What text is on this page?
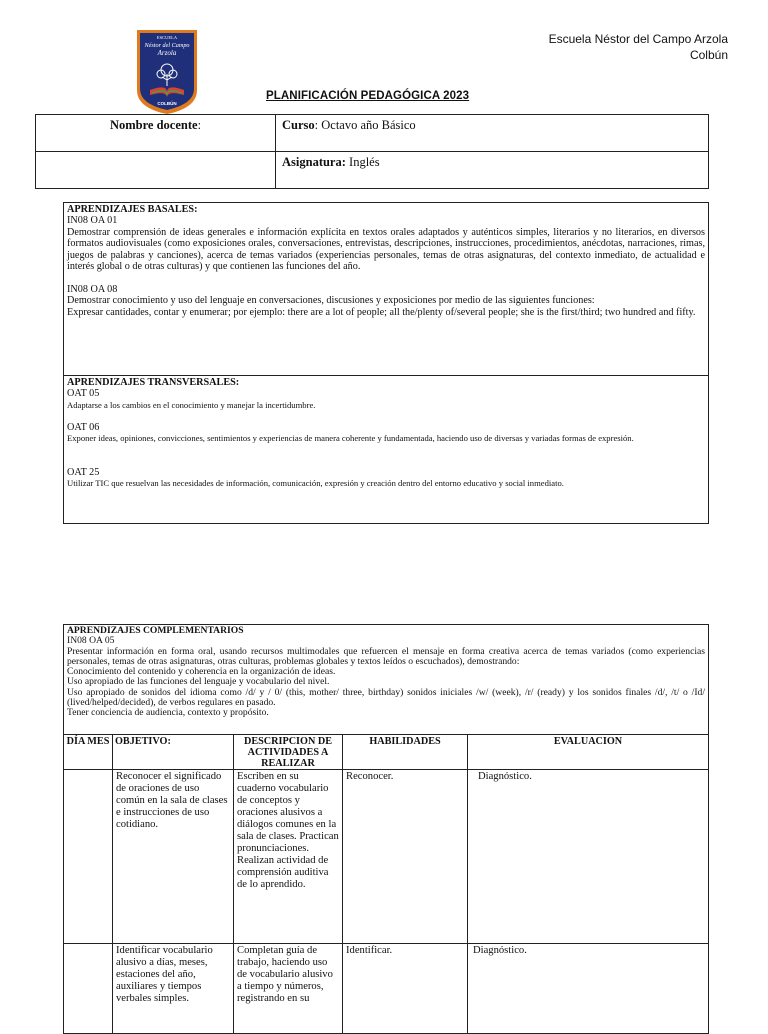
ESCUELA
Néstor del Campo
Arzola
COLBÚN
Escuela Néstor del Campo Arzola
Colbún
PLANIFICACIÓN PEDAGÓGICA 2023
Nombre docente:	Curso: Octavo año Básico
	Asignatura: Inglés

APRENDIZAJES BASALES:

IN08 OA 01

Demostrar comprensión de ideas generales e información explícita en textos orales adaptados y auténticos simples, literarios y no literarios, en diversos formatos audiovisuales (como exposiciones orales, conversaciones, entrevistas, descripciones, instrucciones, procedimientos, anécdotas, narraciones, rimas, juegos de palabras y canciones), acerca de temas variados (experiencias personales, temas de otras asignaturas, del contexto inmediato, de actualidad e interés global o de otras culturas) y que contienen las funciones del año.

IN08 OA 08

Demostrar conocimiento y uso del lenguaje en conversaciones, discusiones y exposiciones por medio de las siguientes funciones:

Expresar cantidades, contar y enumerar; por ejemplo: there are a lot of people; all the/plenty of/several people; she is the first/third; two hundred and fifty.

APRENDIZAJES TRANSVERSALES:

OAT 05

Adaptarse a los cambios en el conocimiento y manejar la incertidumbre.

OAT 06

Exponer ideas, opiniones, convicciones, sentimientos y experiencias de manera coherente y fundamentada, haciendo uso de diversas y variadas formas de expresión.

OAT 25

Utilizar TIC que resuelvan las necesidades de información, comunicación, expresión y creación dentro del entorno educativo y social inmediato.

APRENDIZAJES COMPLEMENTARIOS

IN08 OA 05

Presentar información en forma oral, usando recursos multimodales que refuercen el mensaje en forma creativa acerca de temas variados (como experiencias personales, temas de otras asignaturas, otras culturas, problemas globales y textos leídos o escuchados), demostrando:

Conocimiento del contenido y coherencia en la organización de ideas.

Uso apropiado de las funciones del lenguaje y vocabulario del nivel.

Uso apropiado de sonidos del idioma como /d/ y / 0/ (this, mother/ three, birthday) sonidos iniciales /w/ (week), /r/ (ready) y los sonidos finales /d/, /t/ o /Id/ (lived/helped/decided), de verbos regulares en pasado.

Tener conciencia de audiencia, contexto y propósito.

DÍA MES	OBJETIVO:	DESCRIPCION DE ACTIVIDADES A REALIZAR	HABILIDADES	EVALUACION
	Reconocer el significado de oraciones de uso común en la sala de clases e instrucciones de uso cotidiano.	Escriben en su cuaderno vocabulario de conceptos y oraciones alusivos a diálogos comunes en la sala de clases. Practican pronunciaciones. Realizan actividad de comprensión auditiva de lo aprendido.	Reconocer.	Diagnóstico.
	Identificar vocabulario alusivo a días, meses, estaciones del año, auxiliares y tiempos verbales simples.	Completan guía de trabajo, haciendo uso de vocabulario alusivo a tiempo y números, registrando en su	Identificar.	Diagnóstico.
